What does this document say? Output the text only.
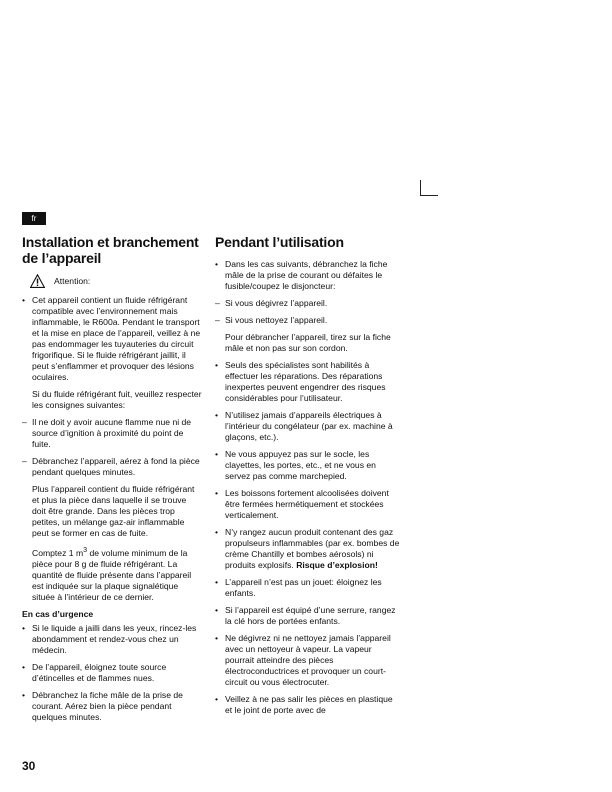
fr
Installation et branchement de l’appareil
Attention:
• Cet appareil contient un fluide réfrigérant compatible avec l’environnement mais inflammable, le R600a. Pendant le transport et la mise en place de l’appareil, veillez à ne pas endommager les tuyauteries du circuit frigorifique. Si le fluide réfrigérant jaillit, il peut s’enflammer et provoquer des lésions oculaires.

Si du fluide réfrigérant fuit, veuillez respecter les consignes suivantes:

– Il ne doit y avoir aucune flamme nue ni de source d’ignition à proximité du point de fuite.
– Débranchez l’appareil, aérez à fond la pièce pendant quelques minutes.

Plus l’appareil contient du fluide réfrigérant et plus la pièce dans laquelle il se trouve doit être grande. Dans les pièces trop petites, un mélange gaz-air inflammable peut se former en cas de fuite.

Comptez 1 $m^3$ de volume minimum de la pièce pour 8 g de fluide réfrigérant. La quantité de fluide présente dans l’appareil est indiquée sur la plaque signalétique située à l’intérieur de ce dernier.

En cas d’urgence
• Si le liquide a jailli dans les yeux, rincez-les abondamment et rendez-vous chez un médecin.
• De l’appareil, éloignez toute source d’étincelles et de flammes nues.
• Débranchez la fiche mâle de la prise de courant. Aérez bien la pièce pendant quelques minutes.
Pendant l’utilisation
• Dans les cas suivants, débranchez la fiche mâle de la prise de courant ou défaites le fusible/coupez le disjoncteur:
– Si vous dégivrez l’appareil.
– Si vous nettoyez l’appareil.

Pour débrancher l’appareil, tirez sur la fiche mâle et non pas sur son cordon.

• Seuls des spécialistes sont habilités à effectuer les réparations. Des réparations inexpertes peuvent engendrer des risques considérables pour l’utilisateur.
• N’utilisez jamais d’appareils électriques à l’intérieur du congélateur (par ex. machine à glaçons, etc.).
• Ne vous appuyez pas sur le socle, les clayettes, les portes, etc., et ne vous en servez pas comme marchepied.
• Les boissons fortement alcoolisées doivent être fermées hermétiquement et stockées verticalement.
• N’y rangez aucun produit contenant des gaz propulseurs inflammables (par ex. bombes de crème Chantilly et bombes aérosols) ni produits explosifs. Risque d’explosion!
• L’appareil n’est pas un jouet: éloignez les enfants.
• Si l’appareil est équipé d’une serrure, rangez la clé hors de portées enfants.
• Ne dégivrez ni ne nettoyez jamais l’appareil avec un nettoyeur à vapeur. La vapeur pourrait atteindre des pièces électroconductrices et provoquer un court-circuit ou vous électrocuter.
• Veillez à ne pas salir les pièces en plastique et le joint de porte avec de
30
